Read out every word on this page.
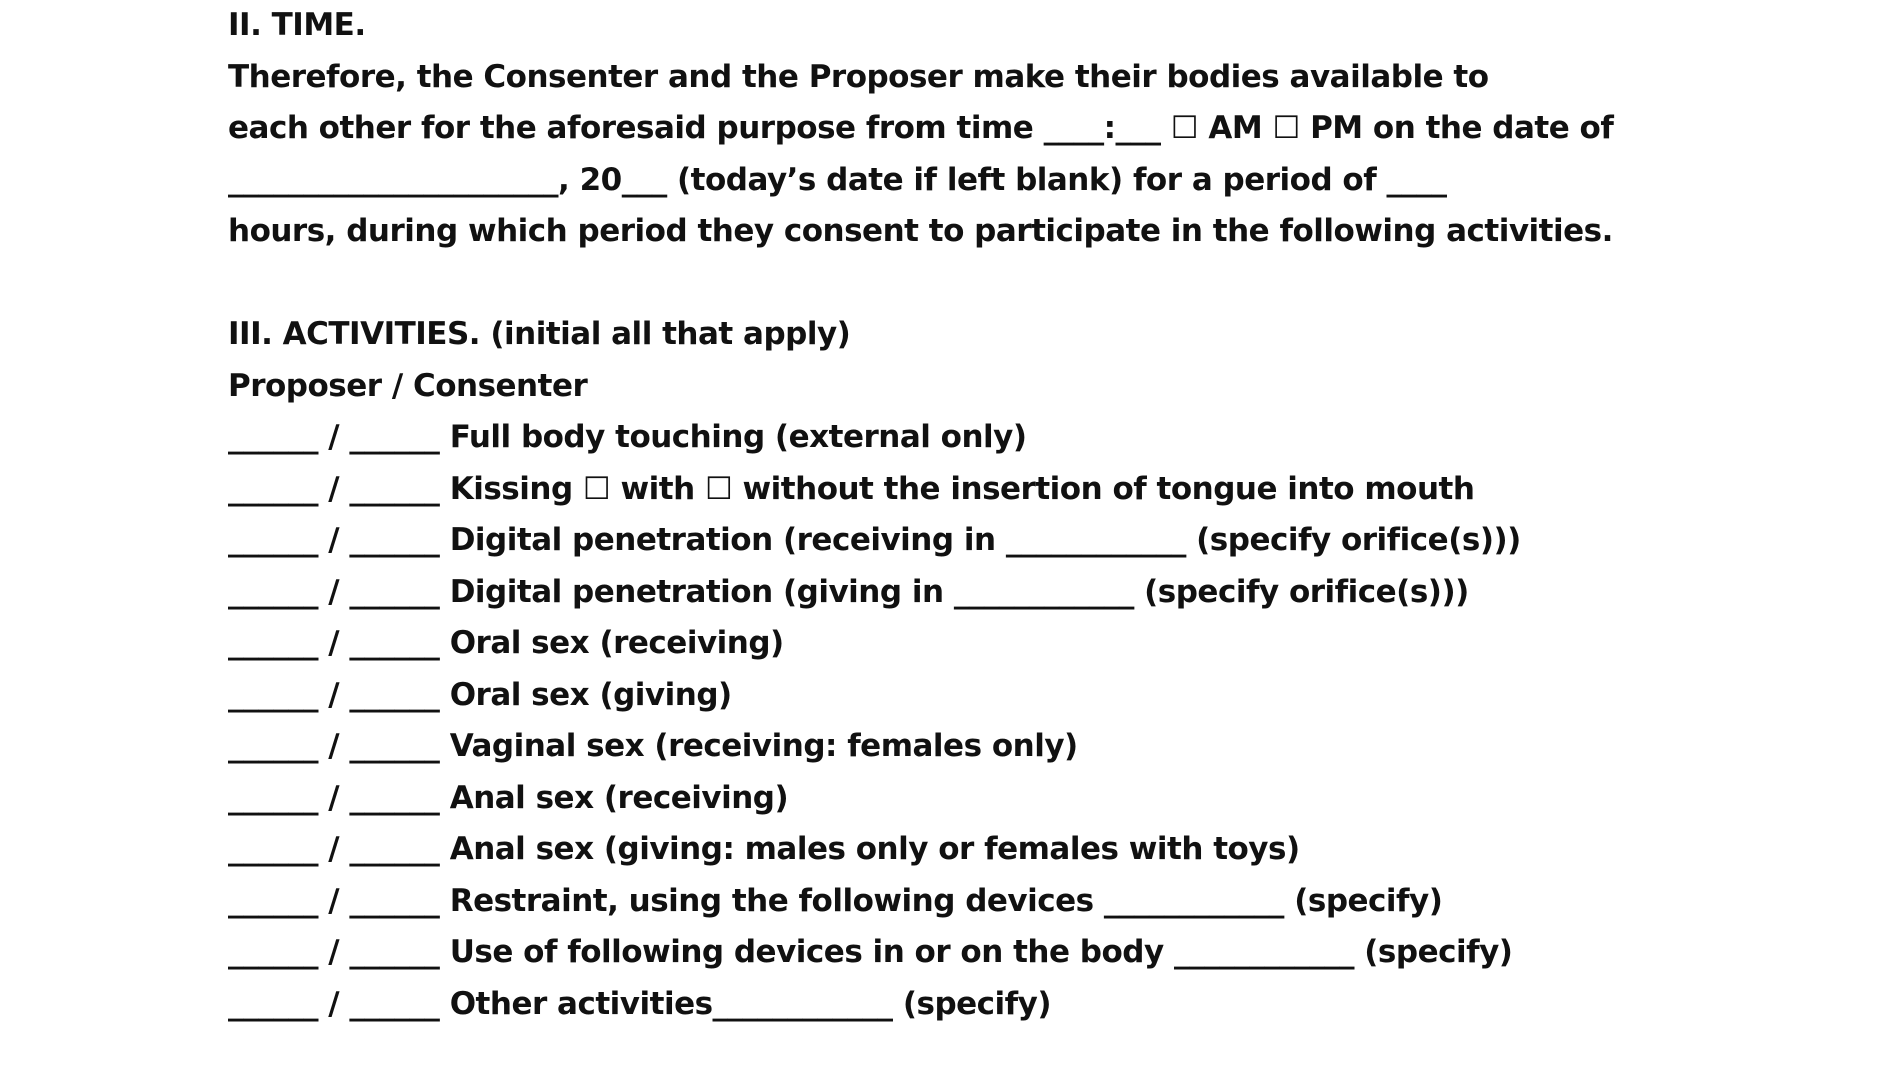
II. TIME.
Therefore, the Consenter and the Proposer make their bodies available to
each other for the aforesaid purpose from time ____:___ ☐ AM ☐ PM on the date of
______________________, 20___ (today’s date if left blank) for a period of ____
hours, during which period they consent to participate in the following activities.
III. ACTIVITIES. (initial all that apply)
Proposer / Consenter
______ / ______ Full body touching (external only)
______ / ______ Kissing ☐ with ☐ without the insertion of tongue into mouth
______ / ______ Digital penetration (receiving in ____________ (specify orifice(s)))
______ / ______ Digital penetration (giving in ____________ (specify orifice(s)))
______ / ______ Oral sex (receiving)
______ / ______ Oral sex (giving)
______ / ______ Vaginal sex (receiving: females only)
______ / ______ Anal sex (receiving)
______ / ______ Anal sex (giving: males only or females with toys)
______ / ______ Restraint, using the following devices ____________ (specify)
______ / ______ Use of following devices in or on the body ____________ (specify)
______ / ______ Other activities____________ (specify)
